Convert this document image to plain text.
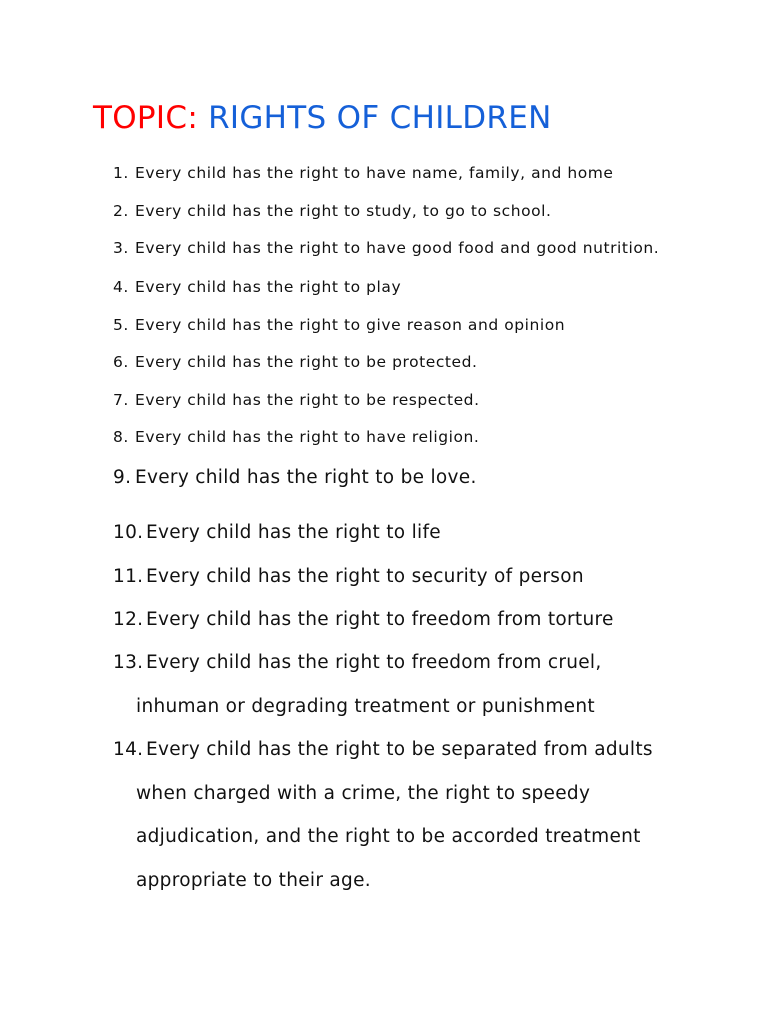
TOPIC: RIGHTS OF CHILDREN
1. Every child has the right to have name, family, and home
2. Every child has the right to study, to go to school.
3. Every child has the right to have good food and good nutrition.
4. Every child has the right to play
5. Every child has the right to give reason and opinion
6. Every child has the right to be protected.
7. Every child has the right to be respected.
8. Every child has the right to have religion.
9. Every child has the right to be love.
10. Every child has the right to life
11. Every child has the right to security of person
12. Every child has the right to freedom from torture
13. Every child has the right to freedom from cruel,
inhuman or degrading treatment or punishment
14. Every child has the right to be separated from adults
when charged with a crime, the right to speedy
adjudication, and the right to be accorded treatment
appropriate to their age.
